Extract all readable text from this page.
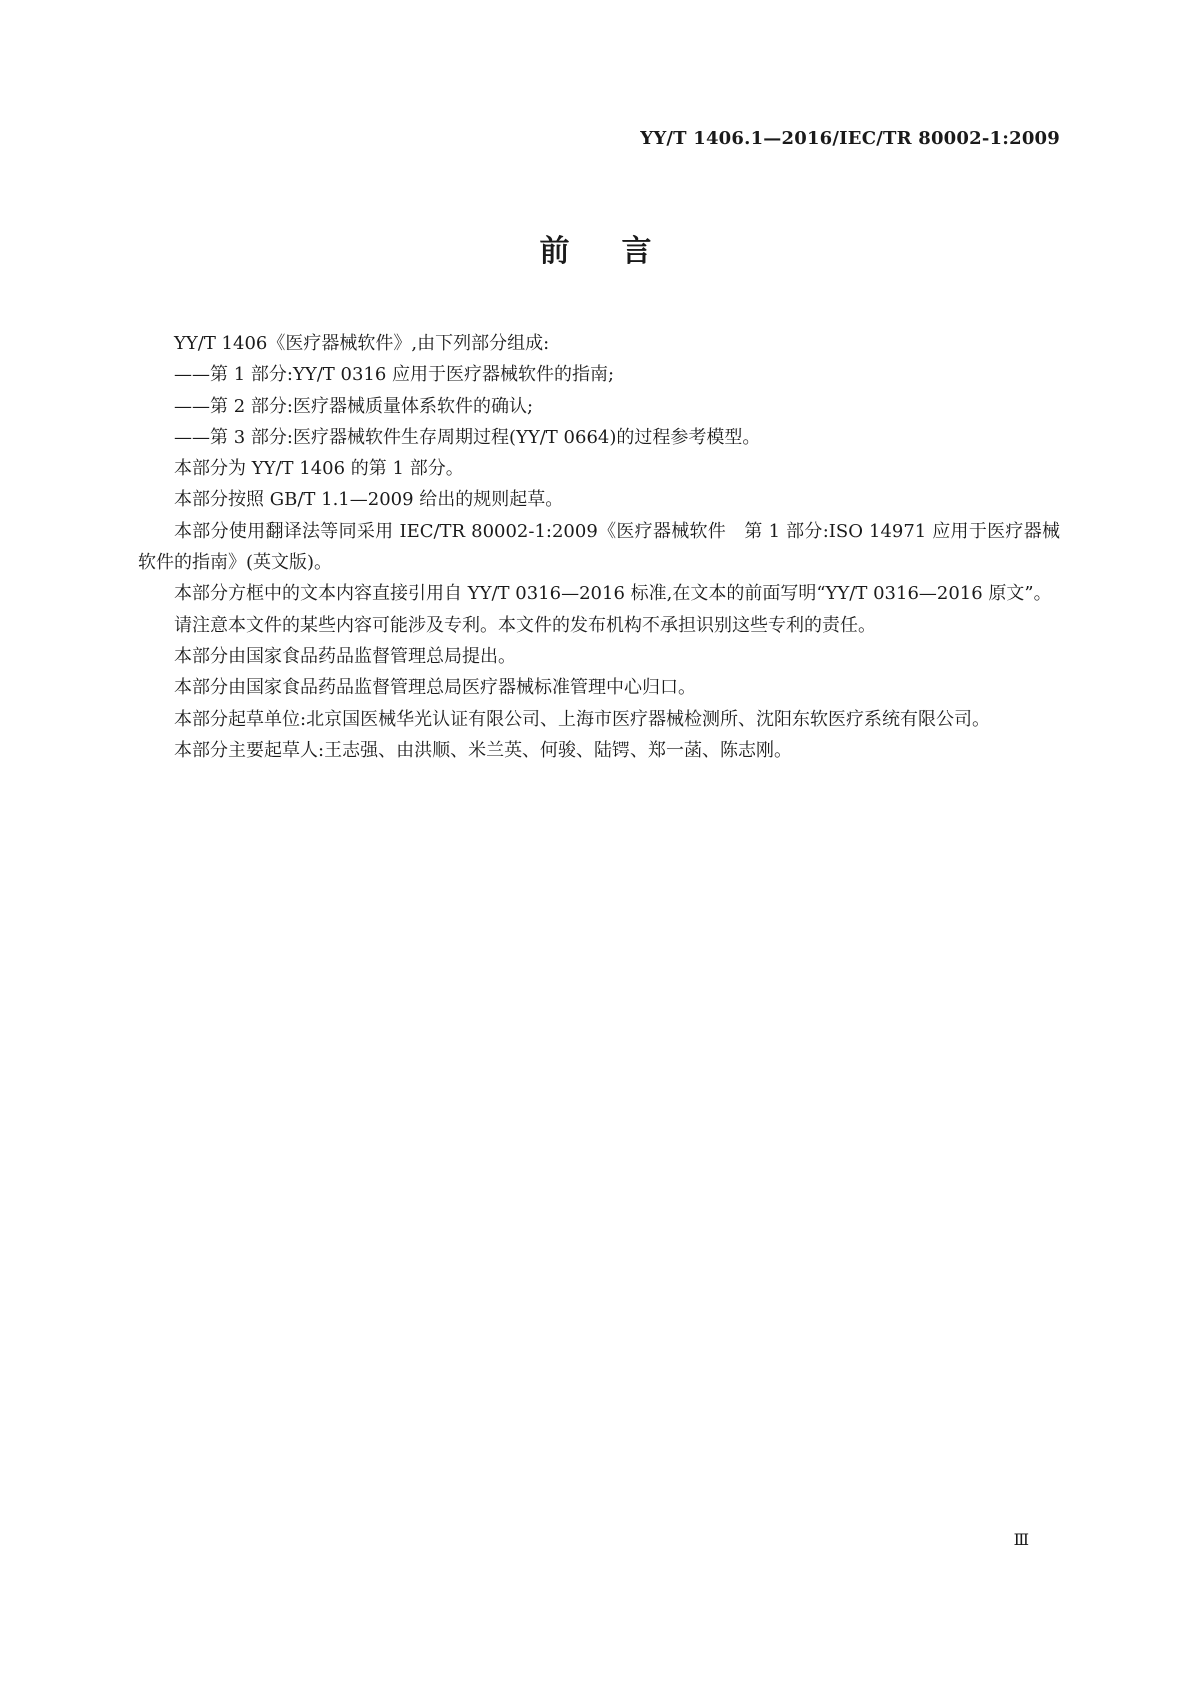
YY/T 1406.1—2016/IEC/TR 80002-1:2009
前言

YY/T 1406《医疗器械软件》,由下列部分组成:

——第 1 部分:YY/T 0316 应用于医疗器械软件的指南;

——第 2 部分:医疗器械质量体系软件的确认;

——第 3 部分:医疗器械软件生存周期过程(YY/T 0664)的过程参考模型。

本部分为 YY/T 1406 的第 1 部分。

本部分按照 GB/T 1.1—2009 给出的规则起草。

本部分使用翻译法等同采用 IEC/TR 80002-1:2009《医疗器械软件　第 1 部分:ISO 14971 应用于医疗器械软件的指南》(英文版)。

本部分方框中的文本内容直接引用自 YY/T 0316—2016 标准,在文本的前面写明“YY/T 0316—2016 原文”。

请注意本文件的某些内容可能涉及专利。本文件的发布机构不承担识别这些专利的责任。

本部分由国家食品药品监督管理总局提出。

本部分由国家食品药品监督管理总局医疗器械标准管理中心归口。

本部分起草单位:北京国医械华光认证有限公司、上海市医疗器械检测所、沈阳东软医疗系统有限公司。

本部分主要起草人:王志强、由洪顺、米兰英、何骏、陆锷、郑一菡、陈志刚。

Ⅲ
